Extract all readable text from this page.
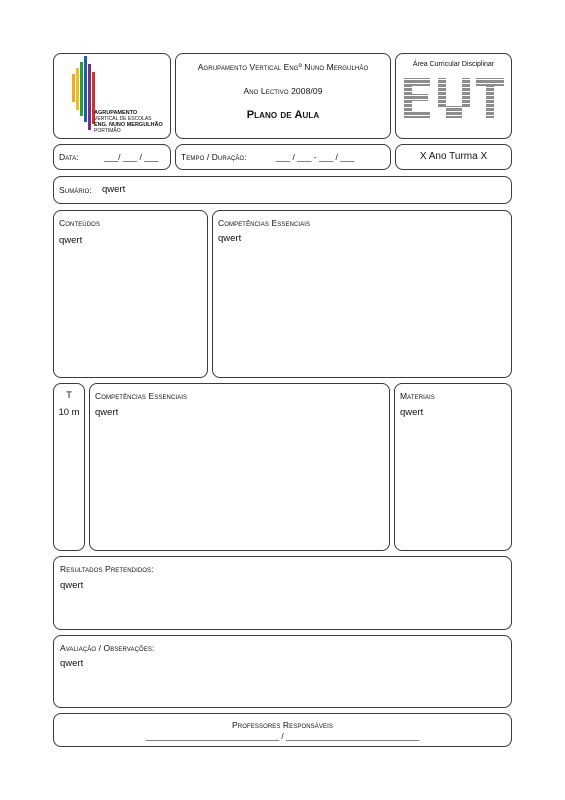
AGRUPAMENTO
VERTICAL DE ESCOLAS
ENG. NUNO MERGULHÃO
PORTIMÃO
Agrupamento Vertical Engº Nuno Mergulhão
Ano Lectivo 2008/09
Plano de Aula
Área Curricular Disciplinar
Data:	___/ ___ / ___	Tempo / Duração:	___ / ___ - ___ / ___	X Ano Turma X
Sumário: qwert
Conteúdos
qwert
Competências Essenciais
qwert
T
10 m
Competências Essenciais
qwert
Materiais
qwert
Resultados Pretendidos:
qwert
Avaliação / Observações:
qwert
Professores Responsáveis
______________________________ / ______________________________
